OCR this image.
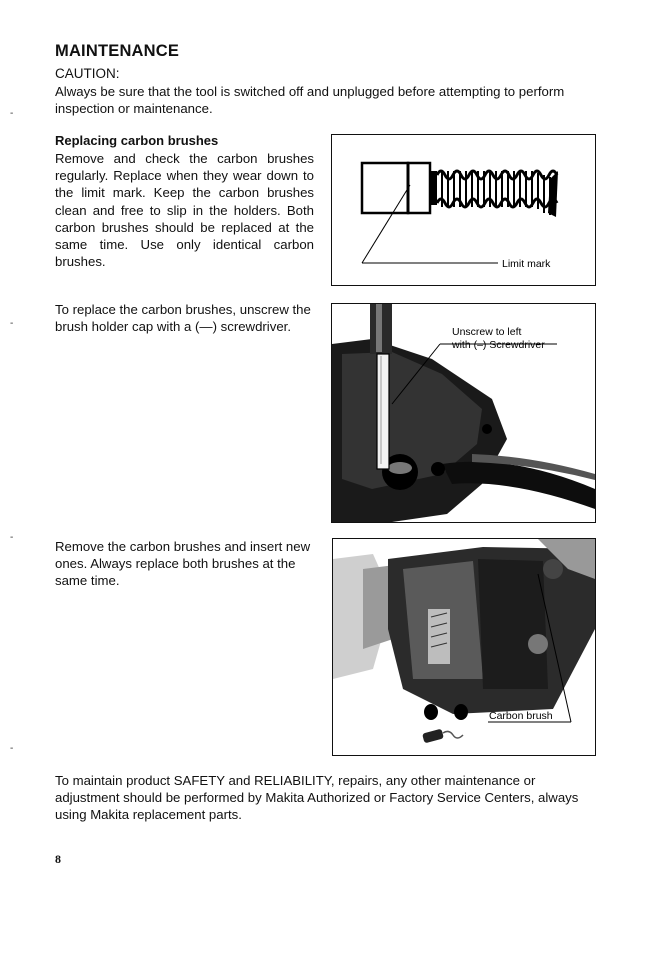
MAINTENANCE
CAUTION:
Always be sure that the tool is switched off and unplugged before attempting to perform inspection or maintenance.
-
-
-
-
Replacing carbon brushes
Remove and check the carbon brushes regularly. Replace when they wear down to the limit mark. Keep the carbon brushes clean and free to slip in the holders. Both carbon brushes should be replaced at the same time. Use only identical carbon brushes.
To replace the carbon brushes, unscrew the brush holder cap with a (—) screwdriver.
Remove the carbon brushes and insert new ones. Always replace both brushes at the same time.
To maintain product SAFETY and RELIABILITY, repairs, any other maintenance or adjustment should be performed by Makita Authorized or Factory Service Centers, always using Makita replacement parts.
8
Limit mark
Unscrew to left
with (–) Screwdriver
Carbon brush
